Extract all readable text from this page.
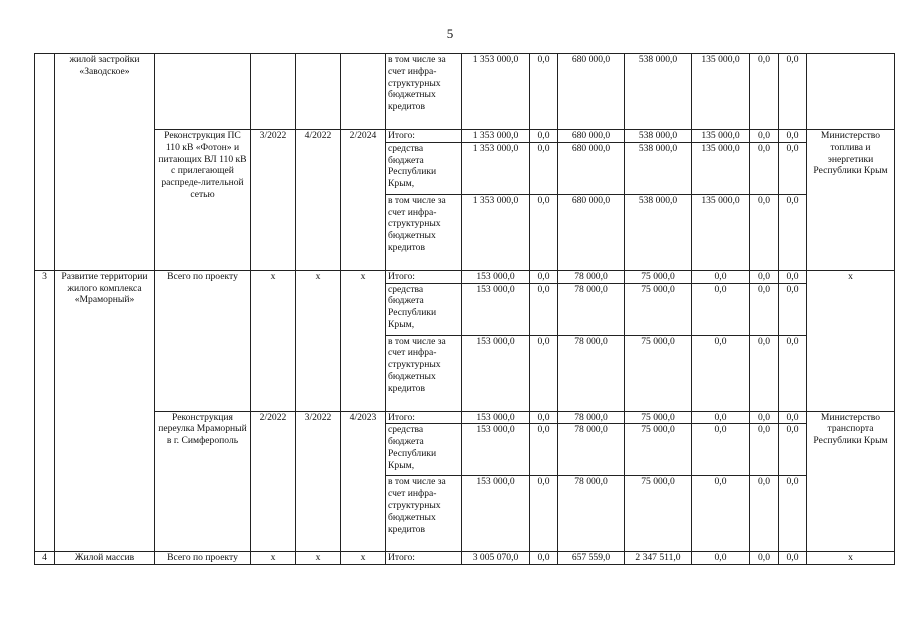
5
	жилой застройки «Заводское»					в том числе за счет инфра-структурных бюджетных кредитов	1 353 000,0	0,0	680 000,0	538 000,0	135 000,0	0,0	0,0	
		Реконструкция ПС 110 кВ «Фотон» и питающих ВЛ 110 кВ с прилегающей распреде-лительной сетью	3/2022	4/2022	2/2024	Итого:	1 353 000,0	0,0	680 000,0	538 000,0	135 000,0	0,0	0,0	Министерство топлива и энергетики Республики Крым
						средства бюджета Республики Крым,	1 353 000,0	0,0	680 000,0	538 000,0	135 000,0	0,0	0,0	
						в том числе за счет инфра-структурных бюджетных кредитов	1 353 000,0	0,0	680 000,0	538 000,0	135 000,0	0,0	0,0	
3	Развитие территории жилого комплекса «Мраморный»	Всего по проекту	х	х	х	Итого:	153 000,0	0,0	78 000,0	75 000,0	0,0	0,0	0,0	х
						средства бюджета Республики Крым,	153 000,0	0,0	78 000,0	75 000,0	0,0	0,0	0,0	
						в том числе за счет инфра-структурных бюджетных кредитов	153 000,0	0,0	78 000,0	75 000,0	0,0	0,0	0,0	
		Реконструкция переулка Мраморный в г. Симферополь	2/2022	3/2022	4/2023	Итого:	153 000,0	0,0	78 000,0	75 000,0	0,0	0,0	0,0	Министерство транспорта Республики Крым
						средства бюджета Республики Крым,	153 000,0	0,0	78 000,0	75 000,0	0,0	0,0	0,0	
						в том числе за счет инфра-структурных бюджетных кредитов	153 000,0	0,0	78 000,0	75 000,0	0,0	0,0	0,0	
4	Жилой массив	Всего по проекту	х	х	х	Итого:	3 005 070,0	0,0	657 559,0	2 347 511,0	0,0	0,0	0,0	х
